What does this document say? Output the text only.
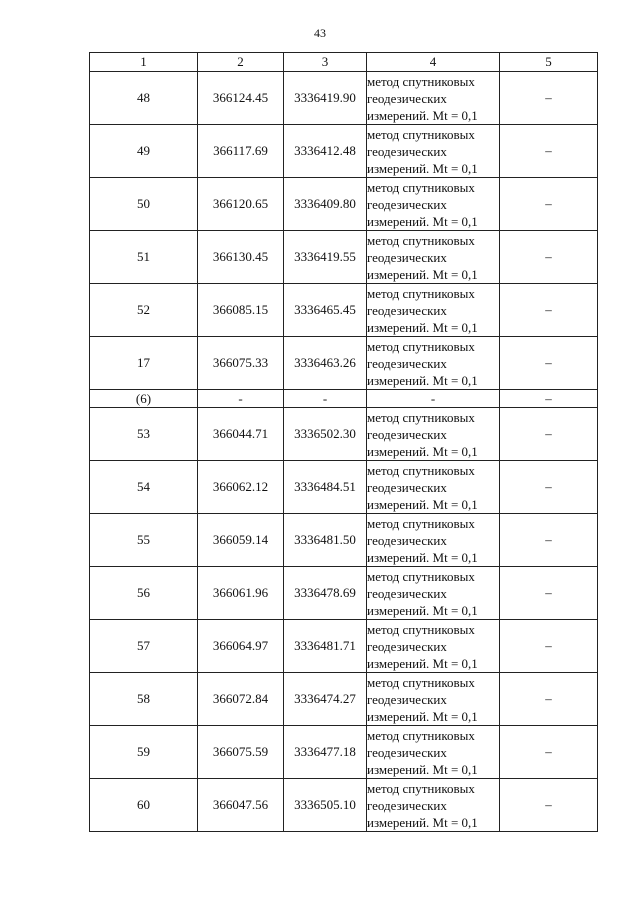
43
1	2	3	4	5
48	366124.45	3336419.90	метод спутниковых
геодезических
измерений. Mt = 0,1	–
49	366117.69	3336412.48	метод спутниковых
геодезических
измерений. Mt = 0,1	–
50	366120.65	3336409.80	метод спутниковых
геодезических
измерений. Mt = 0,1	–
51	366130.45	3336419.55	метод спутниковых
геодезических
измерений. Mt = 0,1	–
52	366085.15	3336465.45	метод спутниковых
геодезических
измерений. Mt = 0,1	–
17	366075.33	3336463.26	метод спутниковых
геодезических
измерений. Mt = 0,1	–
(6)	-	-	-	–
53	366044.71	3336502.30	метод спутниковых
геодезических
измерений. Mt = 0,1	–
54	366062.12	3336484.51	метод спутниковых
геодезических
измерений. Mt = 0,1	–
55	366059.14	3336481.50	метод спутниковых
геодезических
измерений. Mt = 0,1	–
56	366061.96	3336478.69	метод спутниковых
геодезических
измерений. Mt = 0,1	–
57	366064.97	3336481.71	метод спутниковых
геодезических
измерений. Mt = 0,1	–
58	366072.84	3336474.27	метод спутниковых
геодезических
измерений. Mt = 0,1	–
59	366075.59	3336477.18	метод спутниковых
геодезических
измерений. Mt = 0,1	–
60	366047.56	3336505.10	метод спутниковых
геодезических
измерений. Mt = 0,1	–
